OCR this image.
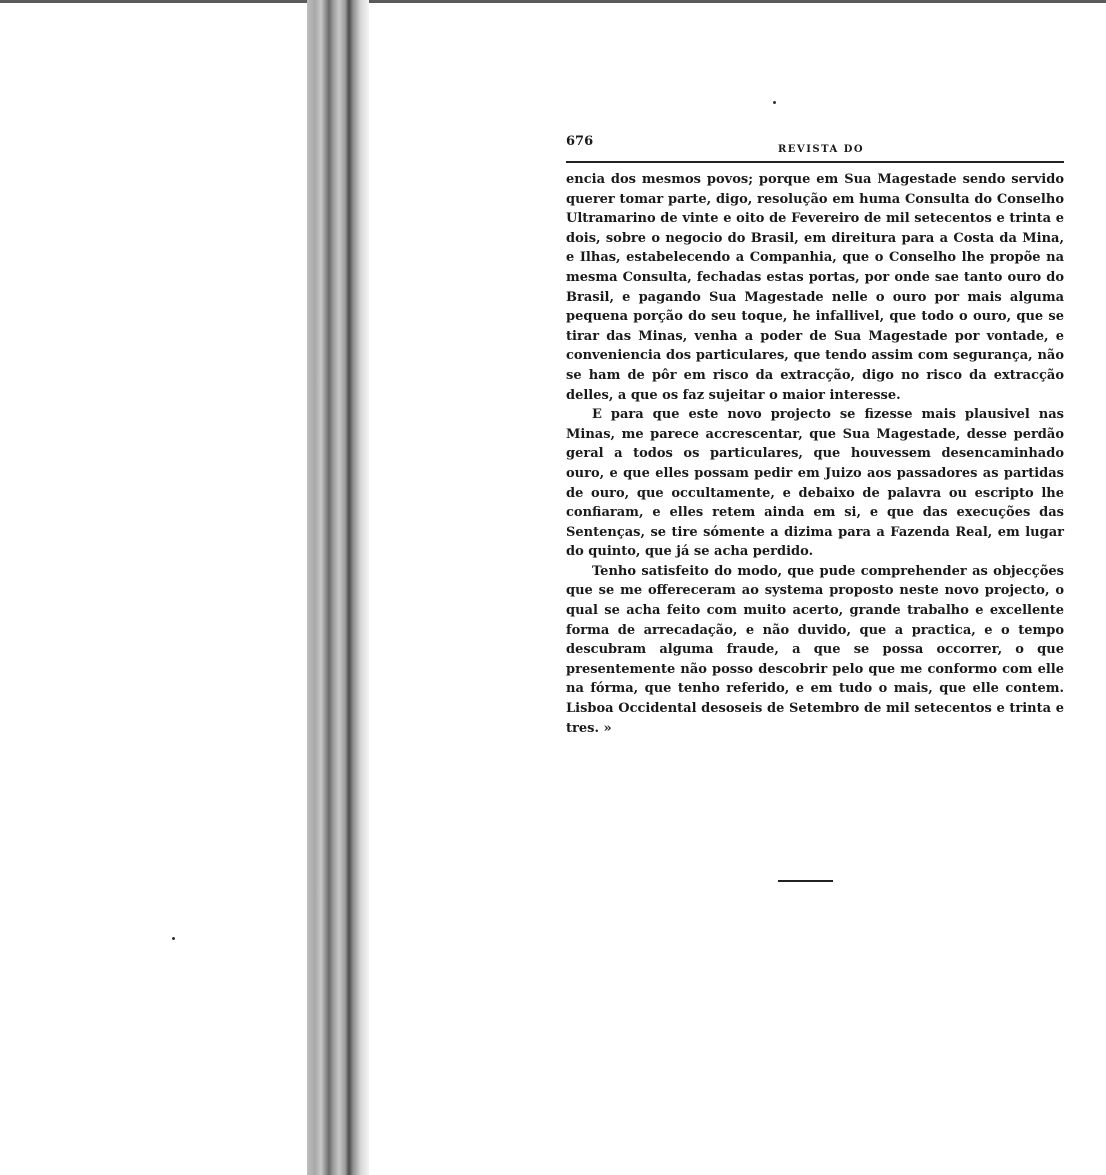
676
REVISTA DO

encia dos mesmos povos; porque em Sua Magestade sendo servido querer tomar parte, digo, resolução em huma Consulta do Conselho Ultramarino de vinte e oito de Fevereiro de mil setecentos e trinta e dois, sobre o negocio do Brasil, em direitura para a Costa da Mina, e Ilhas, estabelecendo a Companhia, que o Conselho lhe propõe na mesma Consulta, fechadas estas portas, por onde sae tanto ouro do Brasil, e pagando Sua Magestade nelle o ouro por mais alguma pequena porção do seu toque, he infallivel, que todo o ouro, que se tirar das Minas, venha a poder de Sua Magestade por vontade, e conveniencia dos particulares, que tendo assim com segurança, não se ham de pôr em risco da extracção, digo no risco da extracção delles, a que os faz sujeitar o maior interesse.

E para que este novo projecto se fizesse mais plausivel nas Minas, me parece accrescentar, que Sua Magestade, desse perdão geral a todos os particulares, que houvessem desencaminhado ouro, e que elles possam pedir em Juizo aos passadores as partidas de ouro, que occultamente, e debaixo de palavra ou escripto lhe confiaram, e elles retem ainda em si, e que das execuções das Sentenças, se tire sómente a dizima para a Fazenda Real, em lugar do quinto, que já se acha perdido.

Tenho satisfeito do modo, que pude comprehender as objecções que se me offereceram ao systema proposto neste novo projecto, o qual se acha feito com muito acerto, grande trabalho e excellente forma de arrecadação, e não duvido, que a practica, e o tempo descubram alguma fraude, a que se possa occorrer, o que presentemente não posso descobrir pelo que me conformo com elle na fórma, que tenho referido, e em tudo o mais, que elle contem. Lisboa Occidental desoseis de Setembro de mil setecentos e trinta e tres. »
